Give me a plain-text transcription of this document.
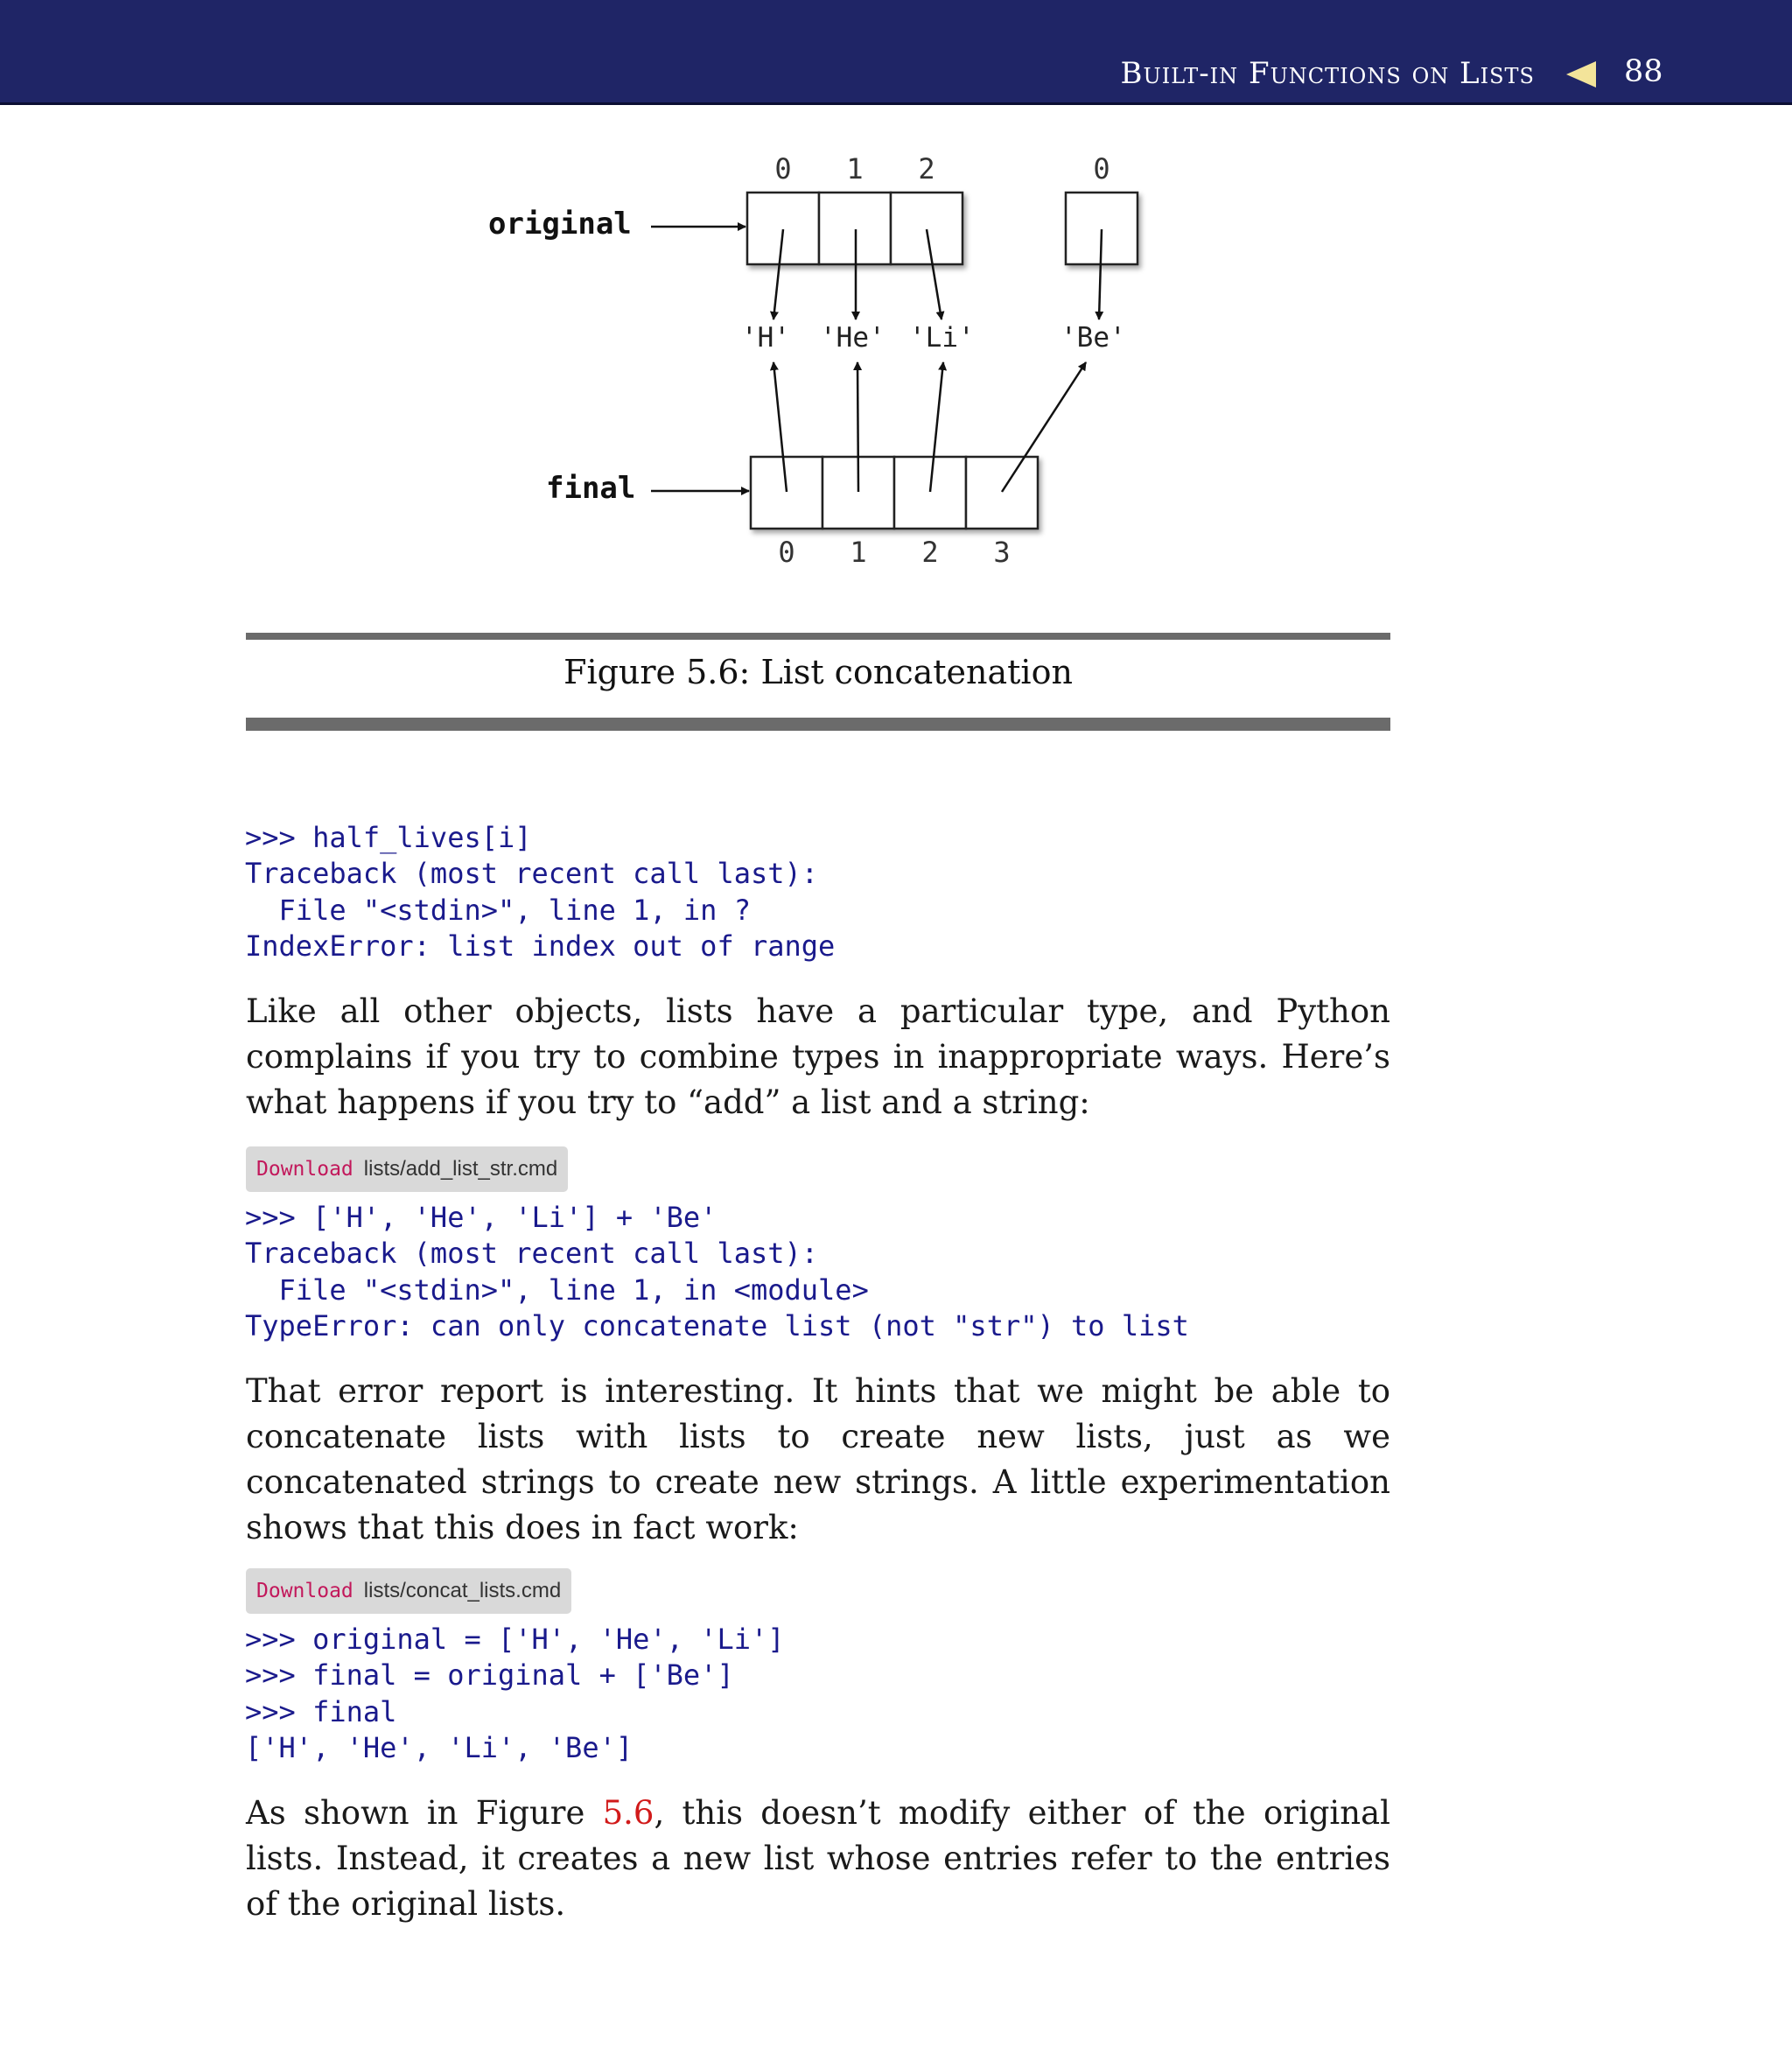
Built-in Functions on Lists	88
original
final
0	1	2	0
'H' 'He' 'Li'	'Be'
0	1	2	3
Figure 5.6: List concatenation
>>> half_lives[i]
Traceback (most recent call last):
File "<stdin>", line 1, in ?
IndexError: list index out of range

Like all other objects, lists have a particular type, and Python complains if you try to combine types in inappropriate ways. Here’s what happens if you try to “add” a list and a string:

Download lists/add_list_str.cmd
>>> ['H', 'He', 'Li'] + 'Be'
Traceback (most recent call last):
File "<stdin>", line 1, in <module>
TypeError: can only concatenate list (not "str") to list

That error report is interesting. It hints that we might be able to concatenate lists with lists to create new lists, just as we concatenated strings to create new strings. A little experimentation shows that this does in fact work:

Download lists/concat_lists.cmd
>>> original = ['H', 'He', 'Li']
>>> final = original + ['Be']
>>> final
['H', 'He', 'Li', 'Be']

As shown in Figure 5.6, this doesn’t modify either of the original lists. Instead, it creates a new list whose entries refer to the entries of the original lists.
